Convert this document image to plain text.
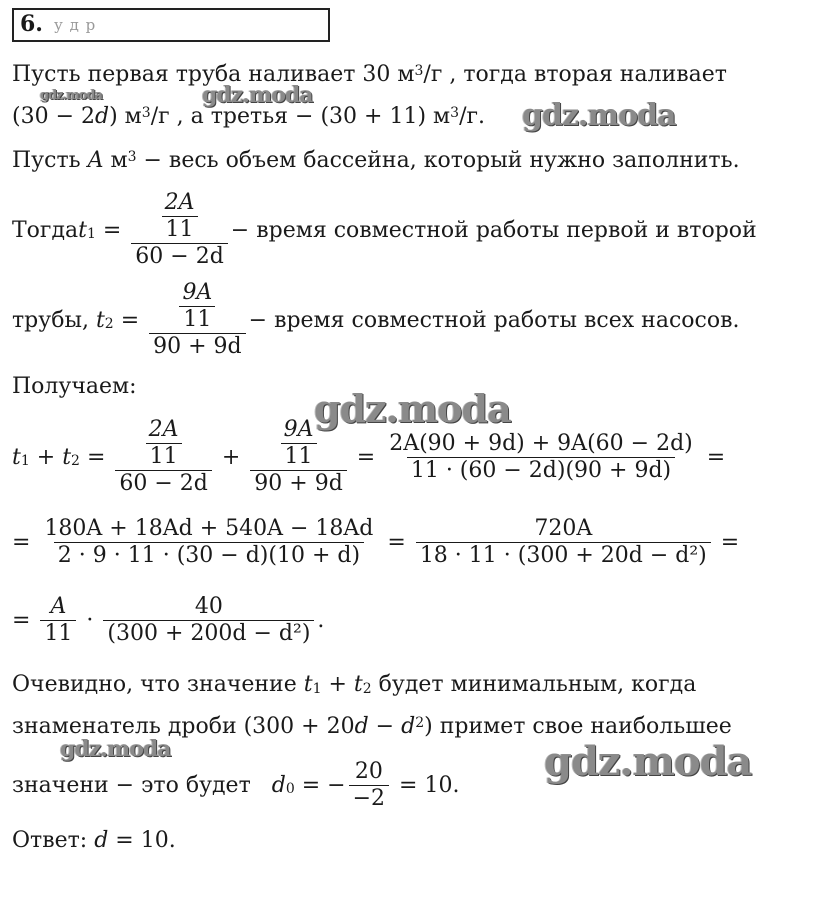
6. у д р
Пусть первая труба наливает 30 $м^3/г$ , тогда вторая наливает
(30 − 2d) $м^3/г$ , а третья − (30 + 11) $м^3/г$.
Пусть A $м^3$ − весь объем бассейна, который нужно заполнить.
Тогда $t_1 = \frac{\frac{2A}{11}}{60 - 2d}$ − время совместной работы первой и второй
трубы, $t_2 = \frac{\frac{9A}{11}}{90 + 9d}$ − время совместной работы всех насосов.
Получаем:
$t_1 + t_2 = \frac{\frac{2A}{11}}{60 - 2d} + \frac{\frac{9A}{11}}{90 + 9d} = \frac{2A(90 + 9d) + 9A(60 - 2d)}{11 \cdot (60 - 2d)(90 + 9d)}$ =
= $\frac{180A + 18Ad + 540A - 18Ad}{2 \cdot 9 \cdot 11 \cdot (30 - d)(10 + d)} = \frac{720A}{\text{18 · 11 · (300 + 20d − d²)}}$ =
= $\frac{A}{11} \cdot \frac{40}{\text{(300 + 200d − d²)}}$ .
Очевидно, что значение $t_1 + t_2$ будет минимальным, когда
знаменатель дроби $(300 + 20d - d^2)$ примет свое наибольшее
значени − это будет $d_0$ = − $\frac{20}{-2} = 10$.
Ответ: d = 10.
gdz.moda	gdz.moda
gdz.moda
gdz.moda
gdz.moda	gdz.moda
